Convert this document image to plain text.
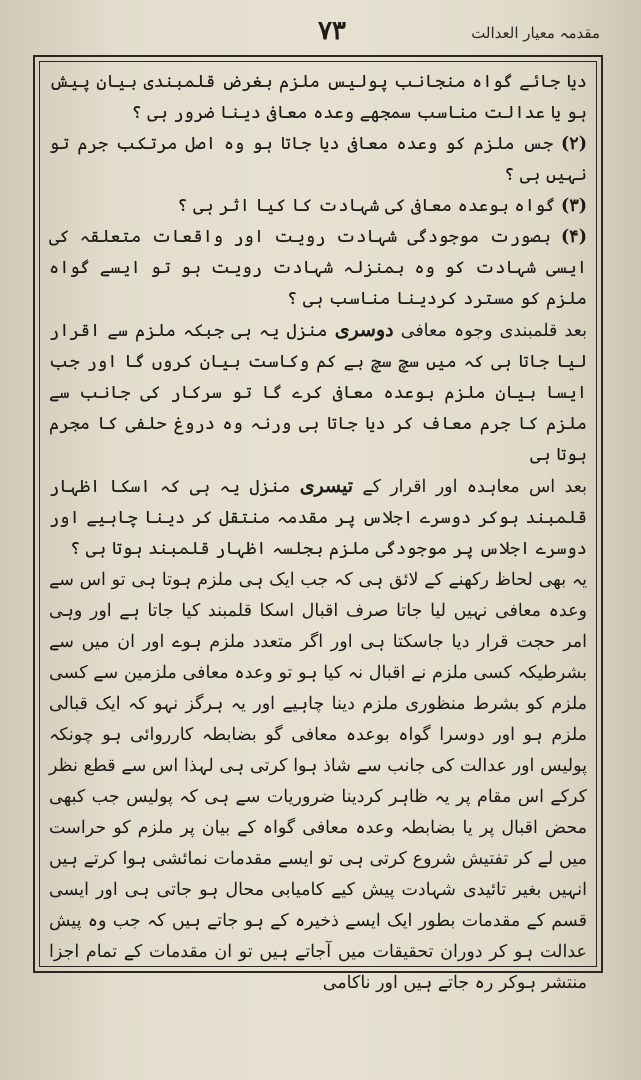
مقدمہ معیار العدالت
۷۳

دیا جائے گواہ منجانب پولیس ملزم بغرض قلمبندی بیان پیش ہو یا عدالت مناسب سمجھے وعدہ معافی دینا ضرور ہی ؟

(۲) جس ملزم کو وعدہ معافی دیا جاتا ہو وہ اصل مرتکب جرم تو نہیں ہی ؟

(۳) گواہ بوعدہ معافی کی شہادت کا کیا اثر ہی ؟

(۴) بصورت موجودگی شہادت رویت اور واقعات متعلقہ کی ایسی شہادت کو وہ بمنزلہ شہادت رویت ہو تو ایسے گواہ ملزم کو مسترد کردینا مناسب ہی ؟

بعد قلمبندی وجوہ معافی دوسری منزل یہ ہی جبکہ ملزم سے اقرار لیا جاتا ہی کہ میں سچ سچ بے کم وکاست بیان کروں گا اور جب ایسا بیان ملزم بوعدہ معافی کرے گا تو سرکار کی جانب سے ملزم کا جرم معاف کر دیا جاتا ہی ورنہ وہ دروغ حلفی کا مجرم ہوتا ہی

بعد اس معاہدہ اور اقرار کے تیسری منزل یہ ہی کہ اسکا اظہار قلمبند ہوکر دوسرے اجلاس پر مقدمہ منتقل کر دینا چاہیے اور دوسرے اجلاس پر موجودگی ملزم بجلسہ اظہار قلمبند ہوتا ہی ؟

یہ بھی لحاظ رکھنے کے لائق ہی کہ جب ایک ہی ملزم ہوتا ہی تو اس سے وعدہ معافی نہیں لیا جاتا صرف اقبال اسکا قلمبند کیا جاتا ہے اور وہی امر حجت قرار دیا جاسکتا ہی اور اگر متعدد ملزم ہوے اور ان میں سے بشرطیکہ کسی ملزم نے اقبال نہ کیا ہو تو وعدہ معافی ملزمین سے کسی ملزم کو بشرط منظوری ملزم دینا چاہیے اور یہ ہرگز نہو کہ ایک قبالی ملزم ہو اور دوسرا گواہ بوعدہ معافی گو بضابطہ کارروائی ہو چونکہ پولیس اور عدالت کی جانب سے شاذ ہوا کرتی ہی لہذا اس سے قطع نظر کرکے اس مقام پر یہ ظاہر کردینا ضروریات سے ہی کہ پولیس جب کبھی محض اقبال پر یا بضابطہ وعدہ معافی گواہ کے بیان پر ملزم کو حراست میں لے کر تفتیش شروع کرتی ہی تو ایسے مقدمات نمائشی ہوا کرتے ہیں انہیں بغیر تائیدی شہادت پیش کیے کامیابی محال ہو جاتی ہی اور ایسی قسم کے مقدمات بطور ایک ایسے ذخیرہ کے ہو جاتے ہیں کہ جب وہ پیش عدالت ہو کر دوران تحقیقات میں آجاتے ہیں تو ان مقدمات کے تمام اجزا منتشر ہوکر رہ جاتے ہیں اور ناکامی
